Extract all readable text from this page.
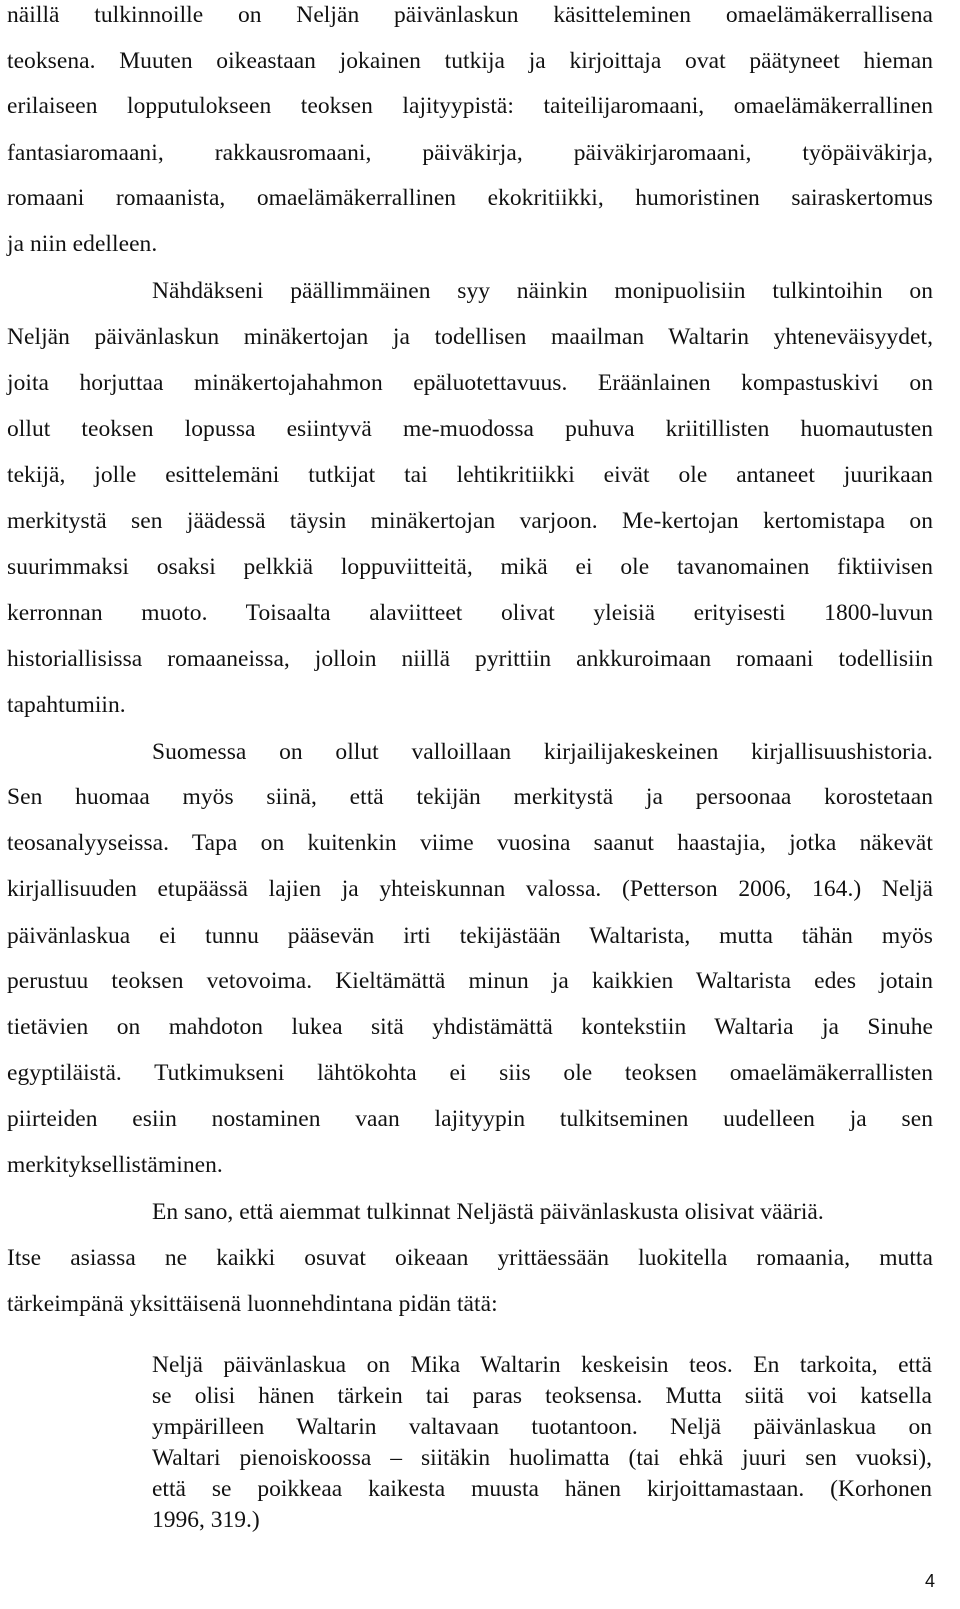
näillä tulkinnoille on Neljän päivänlaskun käsitteleminen omaelämäkerrallisena
teoksena. Muuten oikeastaan jokainen tutkija ja kirjoittaja ovat päätyneet hieman
erilaiseen lopputulokseen teoksen lajityypistä: taiteilijaromaani, omaelämäkerrallinen
fantasiaromaani, rakkausromaani, päiväkirja, päiväkirjaromaani, työpäiväkirja,
romaani romaanista, omaelämäkerrallinen ekokritiikki, humoristinen sairaskertomus
ja niin edelleen.
Nähdäkseni päällimmäinen syy näinkin monipuolisiin tulkintoihin on
Neljän päivänlaskun minäkertojan ja todellisen maailman Waltarin yhteneväisyydet,
joita horjuttaa minäkertojahahmon epäluotettavuus. Eräänlainen kompastuskivi on
ollut teoksen lopussa esiintyvä me-muodossa puhuva kriitillisten huomautusten
tekijä, jolle esittelemäni tutkijat tai lehtikritiikki eivät ole antaneet juurikaan
merkitystä sen jäädessä täysin minäkertojan varjoon. Me-kertojan kertomistapa on
suurimmaksi osaksi pelkkiä loppuviitteitä, mikä ei ole tavanomainen fiktiivisen
kerronnan muoto. Toisaalta alaviitteet olivat yleisiä erityisesti 1800-luvun
historiallisissa romaaneissa, jolloin niillä pyrittiin ankkuroimaan romaani todellisiin
tapahtumiin.
Suomessa on ollut valloillaan kirjailijakeskeinen kirjallisuushistoria.
Sen huomaa myös siinä, että tekijän merkitystä ja persoonaa korostetaan
teosanalyyseissa. Tapa on kuitenkin viime vuosina saanut haastajia, jotka näkevät
kirjallisuuden etupäässä lajien ja yhteiskunnan valossa. (Petterson 2006, 164.) Neljä
päivänlaskua ei tunnu pääsevän irti tekijästään Waltarista, mutta tähän myös
perustuu teoksen vetovoima. Kieltämättä minun ja kaikkien Waltarista edes jotain
tietävien on mahdoton lukea sitä yhdistämättä kontekstiin Waltaria ja Sinuhe
egyptiläistä. Tutkimukseni lähtökohta ei siis ole teoksen omaelämäkerrallisten
piirteiden esiin nostaminen vaan lajityypin tulkitseminen uudelleen ja sen
merkityksellistäminen.
En sano, että aiemmat tulkinnat Neljästä päivänlaskusta olisivat vääriä.
Itse asiassa ne kaikki osuvat oikeaan yrittäessään luokitella romaania, mutta
tärkeimpänä yksittäisenä luonnehdintana pidän tätä:
Neljä päivänlaskua on Mika Waltarin keskeisin teos. En tarkoita, että
se olisi hänen tärkein tai paras teoksensa. Mutta siitä voi katsella
ympärilleen Waltarin valtavaan tuotantoon. Neljä päivänlaskua on
Waltari pienoiskoossa – siitäkin huolimatta (tai ehkä juuri sen vuoksi),
että se poikkeaa kaikesta muusta hänen kirjoittamastaan. (Korhonen
1996, 319.)
4
